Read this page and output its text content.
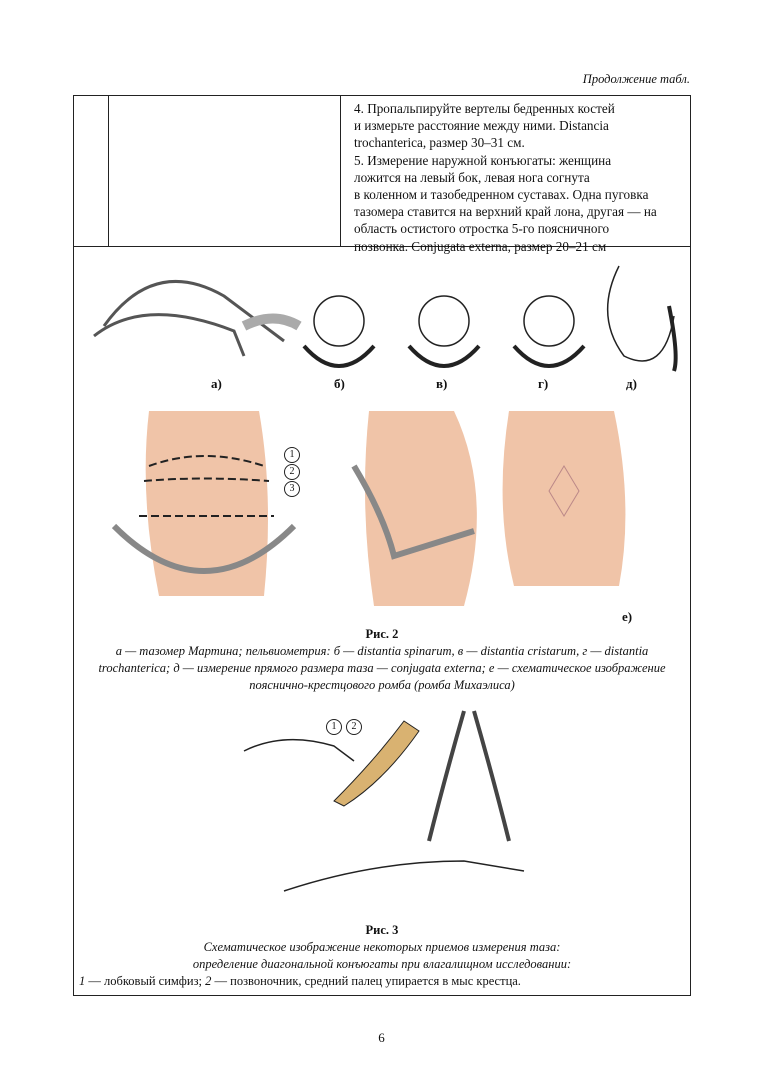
Продолжение табл.
4. Пропальпируйте вертелы бедренных костей
и измерьте расстояние между ними. Distancia
trochanterica, размер 30–31 см.
5. Измерение наружной конъюгаты: женщина
ложится на левый бок, левая нога согнута
в коленном и тазобедренном суставах. Одна пуговка
тазомера ставится на верхний край лона, другая — на
область остистого отростка 5-го поясничного
позвонка. Conjugata externa, размер 20–21 см
а)	б)	в)	г)	д)
1
2
3
е)
Рис. 2
а — тазомер Мартина; пельвиометрия: б — distantia spinarum, в — distantia cristarum, г — distantia
trochanterica; д — измерение прямого размера таза — conjugata externa; е — схематическое изображение
пояснично-крестцового ромба (ромба Михаэлиса)
1	2
Рис. 3
Схематическое изображение некоторых приемов измерения таза:
определение диагональной конъюгаты при влагалищном исследовании:
1 — лобковый симфиз; 2 — позвоночник, средний палец упирается в мыс крестца.
6
